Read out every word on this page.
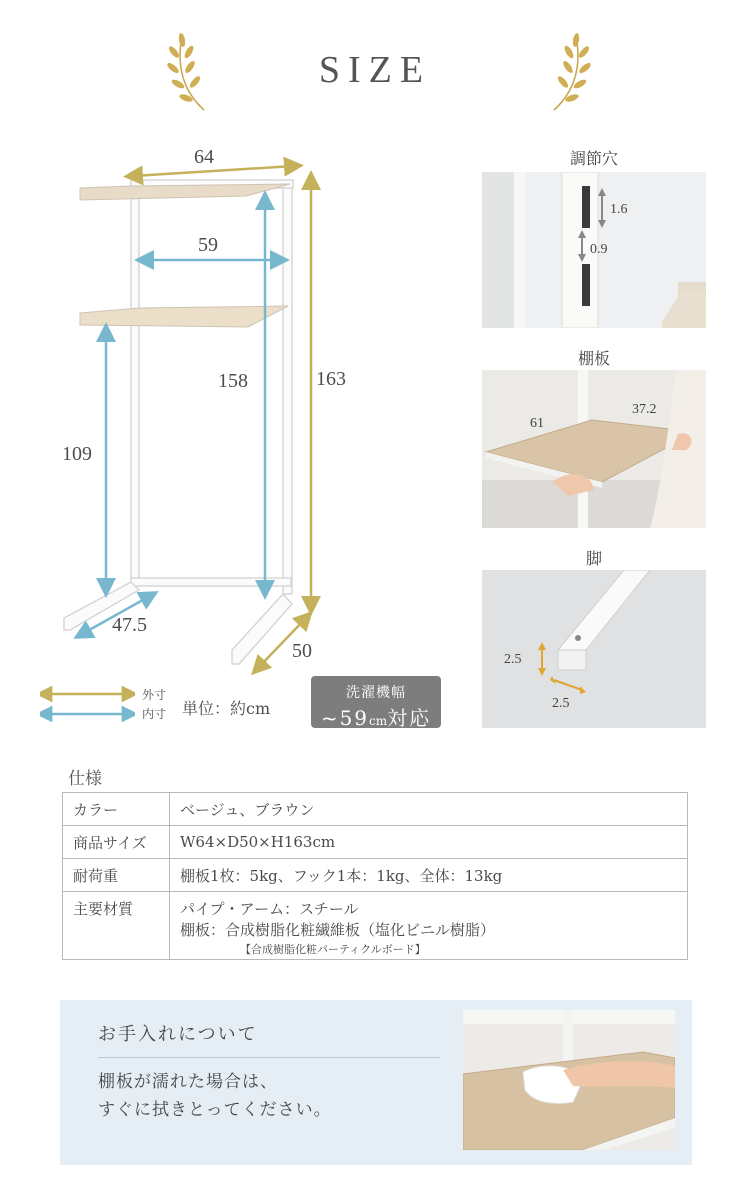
SIZE
64
59
158	163
109
47.5
50
外寸
内寸 単位：約cm
洗濯機幅
~59cm対応
調節穴
1.6
0.9
棚板
61
37.2
脚
2.5
2.5
仕様
カラー	ベージュ、ブラウン
商品サイズ	W64×D50×H163cm
耐荷重	棚板1枚：5kg、フック1本：1kg、全体：13kg
主要材質	パイプ・アーム：スチール
棚板：合成樹脂化粧繊維板（塩化ビニル樹脂）
【合成樹脂化粧パーティクルボード】
お手入れについて
棚板が濡れた場合は、
すぐに拭きとってください。
